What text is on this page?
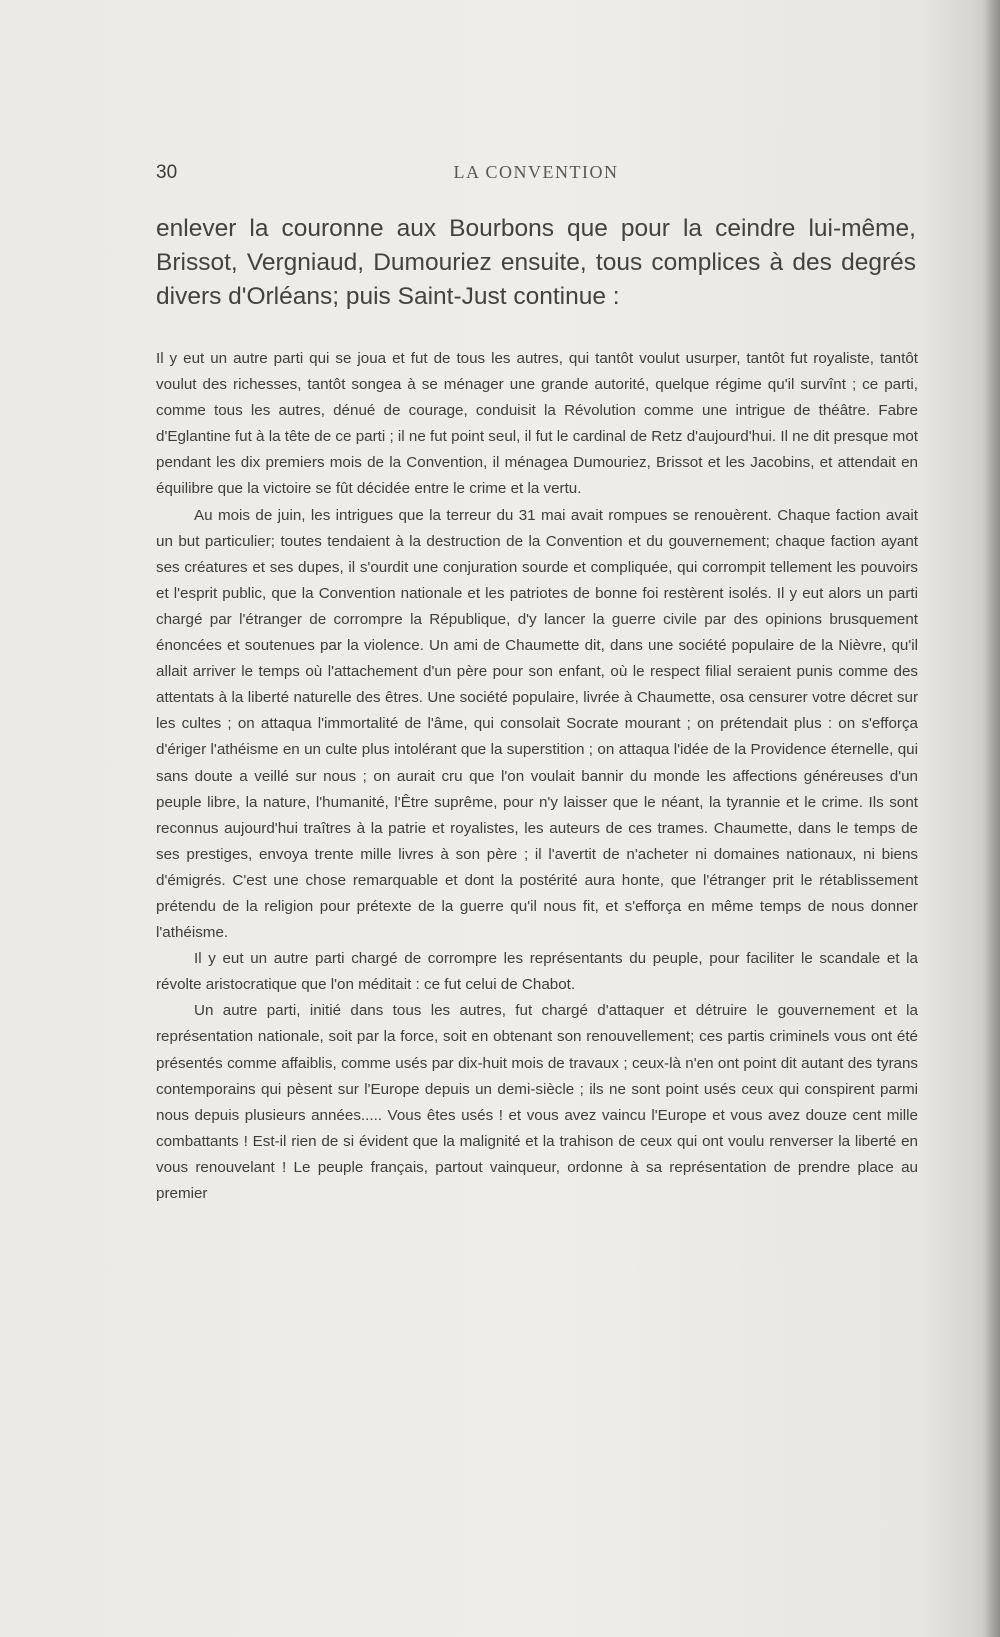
30	LA CONVENTION
enlever la couronne aux Bourbons que pour la ceindre lui-même, Brissot, Vergniaud, Dumouriez ensuite, tous complices à des degrés divers d'Orléans; puis Saint-Just continue :

Il y eut un autre parti qui se joua et fut de tous les autres, qui tantôt voulut usurper, tantôt fut royaliste, tantôt voulut des richesses, tantôt songea à se ménager une grande autorité, quelque régime qu'il survînt ; ce parti, comme tous les autres, dénué de courage, conduisit la Révolution comme une intrigue de théâtre. Fabre d'Eglantine fut à la tête de ce parti ; il ne fut point seul, il fut le cardinal de Retz d'aujourd'hui. Il ne dit presque mot pendant les dix premiers mois de la Convention, il ménagea Dumouriez, Brissot et les Jacobins, et attendait en équilibre que la victoire se fût décidée entre le crime et la vertu.

Au mois de juin, les intrigues que la terreur du 31 mai avait rompues se renouèrent. Chaque faction avait un but particulier; toutes tendaient à la destruction de la Convention et du gouvernement; chaque faction ayant ses créatures et ses dupes, il s'ourdit une conjuration sourde et compliquée, qui corrompit tellement les pouvoirs et l'esprit public, que la Convention nationale et les patriotes de bonne foi restèrent isolés. Il y eut alors un parti chargé par l'étranger de corrompre la République, d'y lancer la guerre civile par des opinions brusquement énoncées et soutenues par la violence. Un ami de Chaumette dit, dans une société populaire de la Nièvre, qu'il allait arriver le temps où l'attachement d'un père pour son enfant, où le respect filial seraient punis comme des attentats à la liberté naturelle des êtres. Une société populaire, livrée à Chaumette, osa censurer votre décret sur les cultes ; on attaqua l'immortalité de l'âme, qui consolait Socrate mourant ; on prétendait plus : on s'efforça d'ériger l'athéisme en un culte plus intolérant que la superstition ; on attaqua l'idée de la Providence éternelle, qui sans doute a veillé sur nous ; on aurait cru que l'on voulait bannir du monde les affections généreuses d'un peuple libre, la nature, l'humanité, l'Être suprême, pour n'y laisser que le néant, la tyrannie et le crime. Ils sont reconnus aujourd'hui traîtres à la patrie et royalistes, les auteurs de ces trames. Chaumette, dans le temps de ses prestiges, envoya trente mille livres à son père ; il l'avertit de n'acheter ni domaines nationaux, ni biens d'émigrés. C'est une chose remarquable et dont la postérité aura honte, que l'étranger prit le rétablissement prétendu de la religion pour prétexte de la guerre qu'il nous fit, et s'efforça en même temps de nous donner l'athéisme.

Il y eut un autre parti chargé de corrompre les représentants du peuple, pour faciliter le scandale et la révolte aristocratique que l'on méditait : ce fut celui de Chabot.

Un autre parti, initié dans tous les autres, fut chargé d'attaquer et détruire le gouvernement et la représentation nationale, soit par la force, soit en obtenant son renouvellement; ces partis criminels vous ont été présentés comme affaiblis, comme usés par dix-huit mois de travaux ; ceux-là n'en ont point dit autant des tyrans contemporains qui pèsent sur l'Europe depuis un demi-siècle ; ils ne sont point usés ceux qui conspirent parmi nous depuis plusieurs années..... Vous êtes usés ! et vous avez vaincu l'Europe et vous avez douze cent mille combattants ! Est-il rien de si évident que la malignité et la trahison de ceux qui ont voulu renverser la liberté en vous renouvelant ! Le peuple français, partout vainqueur, ordonne à sa représentation de prendre place au premier
